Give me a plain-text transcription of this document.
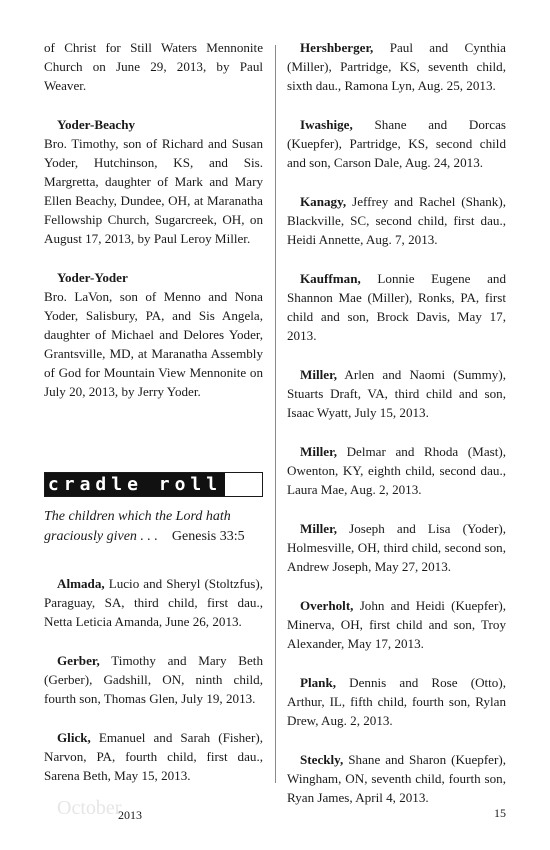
of Christ for Still Waters Mennonite Church on June 29, 2013, by Paul Weaver.

Yoder-Beachy
Bro. Timothy, son of Richard and Susan Yoder, Hutchinson, KS, and Sis. Margretta, daughter of Mark and Mary Ellen Beachy, Dundee, OH, at Maranatha Fellowship Church, Sugarcreek, OH, on August 17, 2013, by Paul Leroy Miller.

Yoder-Yoder
Bro. LaVon, son of Menno and Nona Yoder, Salisbury, PA, and Sis Angela, daughter of Michael and Delores Yoder, Grantsville, MD, at Maranatha Assembly of God for Mountain View Mennonite on July 20, 2013, by Jerry Yoder.

cradle roll
The children which the Lord hath graciously given . . . Genesis 33:5

Almada, Lucio and Sheryl (Stoltzfus), Paraguay, SA, third child, first dau., Netta Leticia Amanda, June 26, 2013.

Gerber, Timothy and Mary Beth (Gerber), Gadshill, ON, ninth child, fourth son, Thomas Glen, July 19, 2013.

Glick, Emanuel and Sarah (Fisher), Narvon, PA, fourth child, first dau., Sarena Beth, May 15, 2013.

Hershberger, Paul and Cynthia (Miller), Partridge, KS, seventh child, sixth dau., Ramona Lyn, Aug. 25, 2013.

Iwashige, Shane and Dorcas (Kuepfer), Partridge, KS, second child and son, Carson Dale, Aug. 24, 2013.

Kanagy, Jeffrey and Rachel (Shank), Blackville, SC, second child, first dau., Heidi Annette, Aug. 7, 2013.

Kauffman, Lonnie Eugene and Shannon Mae (Miller), Ronks, PA, first child and son, Brock Davis, May 17, 2013.

Miller, Arlen and Naomi (Summy), Stuarts Draft, VA, third child and son, Isaac Wyatt, July 15, 2013.

Miller, Delmar and Rhoda (Mast), Owenton, KY, eighth child, second dau., Laura Mae, Aug. 2, 2013.

Miller, Joseph and Lisa (Yoder), Holmesville, OH, third child, second son, Andrew Joseph, May 27, 2013.

Overholt, John and Heidi (Kuepfer), Minerva, OH, first child and son, Troy Alexander, May 17, 2013.

Plank, Dennis and Rose (Otto), Arthur, IL, fifth child, fourth son, Rylan Drew, Aug. 2, 2013.

Steckly, Shane and Sharon (Kuepfer), Wingham, ON, seventh child, fourth son, Ryan James, April 4, 2013.

October
2013	15
